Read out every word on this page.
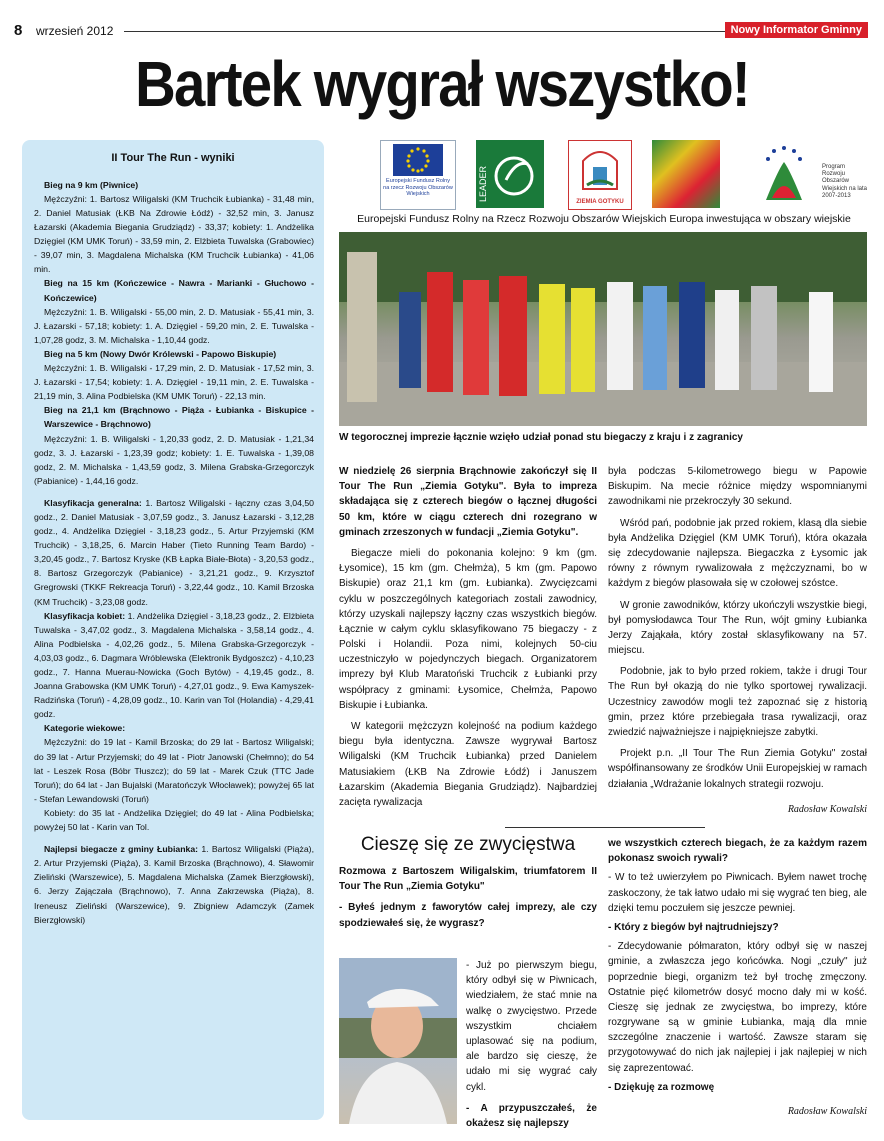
8 wrzesień 2012	Nowy Informator Gminny
Bartek wygrał wszystko!
II Tour The Run - wyniki

Bieg na 9 km (Piwnice)

Mężczyźni: 1. Bartosz Wiligalski (KM Truchcik Łubianka) - 31,48 min, 2. Daniel Matusiak (ŁKB Na Zdrowie Łódź) - 32,52 min, 3. Janusz Łazarski (Akademia Biegania Grudziądz) - 33,37; kobiety: 1. Andżelika Dzięgiel (KM UMK Toruń) - 33,59 min, 2. Elżbieta Tuwalska (Grabowiec) - 39,07 min, 3. Magdalena Michalska (KM Truchcik Łubianka) - 41,06 min.

Bieg na 15 km (Kończewice - Nawra - Marianki - Głuchowo - Kończewice)

Mężczyźni: 1. B. Wiligalski - 55,00 min, 2. D. Matusiak - 55,41 min, 3. J. Łazarski - 57,18; kobiety: 1. A. Dzięgiel - 59,20 min, 2. E. Tuwalska - 1,07,28 godz, 3. M. Michalska - 1,10,44 godz.

Bieg na 5 km (Nowy Dwór Królewski - Papowo Biskupie)

Mężczyźni: 1. B. Wiligalski - 17,29 min, 2. D. Matusiak - 17,52 min, 3. J. Łazarski - 17,54; kobiety: 1. A. Dzięgiel - 19,11 min, 2. E. Tuwalska - 21,19 min, 3. Alina Podbielska (KM UMK Toruń) - 22,13 min.

Bieg na 21,1 km (Brąchnowo - Piąża - Łubianka - Biskupice - Warszewice - Brąchnowo)

Mężczyźni: 1. B. Wiligalski - 1,20,33 godz, 2. D. Matusiak - 1,21,34 godz, 3. J. Łazarski - 1,23,39 godz; kobiety: 1. E. Tuwalska - 1,39,08 godz, 2. M. Michalska - 1,43,59 godz, 3. Milena Grabska-Grzegorczyk (Pabianice) - 1,44,16 godz.

Klasyfikacja generalna: 1. Bartosz Wiligalski - łączny czas 3,04,50 godz., 2. Daniel Matusiak - 3,07,59 godz., 3. Janusz Łazarski - 3,12,28 godz., 4. Andżelika Dzięgiel - 3,18,23 godz., 5. Artur Przyjemski (KM Truchcik) - 3,18,25, 6. Marcin Haber (Tieto Running Team Bardo) - 3,20,45 godz., 7. Bartosz Kryske (KB Łapka Białe-Błota) - 3,20,53 godz., 8. Bartosz Grzegorczyk (Pabianice) - 3,21,21 godz., 9. Krzysztof Gregrowski (TKKF Rekreacja Toruń) - 3,22,44 godz., 10. Kamil Brzoska (KM Truchcik) - 3,23,08 godz.

Klasyfikacja kobiet: 1. Andżelika Dzięgiel - 3,18,23 godz., 2. Elżbieta Tuwalska - 3,47,02 godz., 3. Magdalena Michalska - 3,58,14 godz., 4. Alina Podbielska - 4,02,26 godz., 5. Milena Grabska-Grzegorczyk - 4,03,03 godz., 6. Dagmara Wróblewska (Elektronik Bydgoszcz) - 4,10,23 godz., 7. Hanna Muerau-Nowicka (Goch Bytów) - 4,19,45 godz., 8. Joanna Grabowska (KM UMK Toruń) - 4,27,01 godz., 9. Ewa Kamyszek-Radzińska (Toruń) - 4,28,09 godz., 10. Karin van Tol (Holandia) - 4,29,41 godz.

Kategorie wiekowe:

Mężczyźni: do 19 lat - Kamil Brzoska; do 29 lat - Bartosz Wiligalski; do 39 lat - Artur Przyjemski; do 49 lat - Piotr Janowski (Chełmno); do 54 lat - Leszek Rosa (Bóbr Tłuszcz); do 59 lat - Marek Czuk (TTC Jade Toruń); do 64 lat - Jan Bujalski (Maratończyk Włocławek); powyżej 65 lat - Stefan Lewandowski (Toruń)

Kobiety: do 35 lat - Andżelika Dzięgiel; do 49 lat - Alina Podbielska; powyżej 50 lat - Karin van Tol.

Najlepsi biegacze z gminy Łubianka: 1. Bartosz Wiligalski (Piąża), 2. Artur Przyjemski (Piąża), 3. Kamil Brzoska (Brąchnowo), 4. Sławomir Zieliński (Warszewice), 5. Magdalena Michalska (Zamek Bierzgłowski), 6. Jerzy Zajączała (Brąchnowo), 7. Anna Zakrzewska (Piąża), 8. Ireneusz Zieliński (Warszewice), 9. Zbigniew Adamczyk (Zamek Bierzgłowski)

Europejski Fundusz Rolny na rzecz Rozwoju Obszarów Wiejskich	LEADER	ZIEMIA GOTYKU
Program Rozwoju Obszarów Wiejskich na lata 2007-2013
Europejski Fundusz Rolny na Rzecz Rozwoju Obszarów Wiejskich Europa inwestująca w obszary wiejskie
W tegorocznej imprezie łącznie wzięło udział ponad stu biegaczy z kraju i z zagranicy

W niedzielę 26 sierpnia Brąchnowie zakończył się II Tour The Run „Ziemia Gotyku". Była to impreza składająca się z czterech biegów o łącznej długości 50 km, które w ciągu czterech dni rozegrano w gminach zrzeszonych w fundacji „Ziemia Gotyku".

Biegacze mieli do pokonania kolejno: 9 km (gm. Łysomice), 15 km (gm. Chełmża), 5 km (gm. Papowo Biskupie) oraz 21,1 km (gm. Łubianka). Zwycięzcami cyklu w poszczególnych kategoriach zostali zawodnicy, którzy uzyskali najlepszy łączny czas wszystkich biegów. Łącznie w całym cyklu sklasyfikowano 75 biegaczy - z Polski i Holandii. Poza nimi, kolejnych 50-ciu uczestniczyło w pojedynczych biegach. Organizatorem imprezy był Klub Maratoński Truchcik z Łubianki przy współpracy z gminami: Łysomice, Chełmża, Papowo Biskupie i Łubianka.

W kategorii mężczyzn kolejność na podium każdego biegu była identyczna. Zawsze wygrywał Bartosz Wiligalski (KM Truchcik Łubianka) przed Danielem Matusiakiem (ŁKB Na Zdrowie Łódź) i Januszem Łazarskim (Akademia Biegania Grudziądz). Najbardziej zacięta rywalizacja

była podczas 5-kilometrowego biegu w Papowie Biskupim. Na mecie różnice między wspomnianymi zawodnikami nie przekroczyły 30 sekund.

Wśród pań, podobnie jak przed rokiem, klasą dla siebie była Andżelika Dzięgiel (KM UMK Toruń), która okazała się zdecydowanie najlepsza. Biegaczka z Łysomic jak równy z równym rywalizowała z mężczyznami, bo w każdym z biegów plasowała się w czołowej szóstce.

W gronie zawodników, którzy ukończyli wszystkie biegi, był pomysłodawca Tour The Run, wójt gminy Łubianka Jerzy Zająkała, który został sklasyfikowany na 57. miejscu.

Podobnie, jak to było przed rokiem, także i drugi Tour The Run był okazją do nie tylko sportowej rywalizacji. Uczestnicy zawodów mogli też zapoznać się z historią gmin, przez które przebiegała trasa rywalizacji, oraz zwiedzić najważniejsze i najpiękniejsze zabytki.

Projekt p.n. „II Tour The Run Ziemia Gotyku" został współfinansowany ze środków Unii Europejskiej w ramach działania „Wdrażanie lokalnych strategii rozwoju.

Radosław Kowalski
Cieszę się ze zwycięstwa

Rozmowa z Bartoszem Wiligalskim, triumfatorem II Tour The Run „Ziemia Gotyku"

- Byłeś jednym z faworytów całej imprezy, ale czy spodziewałeś się, że wygrasz?

- Już po pierwszym biegu, który odbył się w Piwnicach, wiedziałem, że stać mnie na walkę o zwycięstwo. Przede wszystkim chciałem uplasować się na podium, ale bardzo się cieszę, że udało mi się wygrać cały cykl.
- A przypuszczałeś, że okażesz się najlepszy

we wszystkich czterech biegach, że za każdym razem pokonasz swoich rywali?

- W to też uwierzyłem po Piwnicach. Byłem nawet trochę zaskoczony, że tak łatwo udało mi się wygrać ten bieg, ale dzięki temu poczułem się jeszcze pewniej.

- Który z biegów był najtrudniejszy?

- Zdecydowanie półmaraton, który odbył się w naszej gminie, a zwłaszcza jego końcówka. Nogi „czuły" już poprzednie biegi, organizm też był trochę zmęczony. Ostatnie pięć kilometrów dosyć mocno dały mi w kość. Cieszę się jednak ze zwycięstwa, bo imprezy, które rozgrywane są w gminie Łubianka, mają dla mnie szczególne znaczenie i wartość. Zawsze staram się przygotowywać do nich jak najlepiej i jak najlepiej w nich się zaprezentować.

- Dziękuję za rozmowę

Radosław Kowalski
